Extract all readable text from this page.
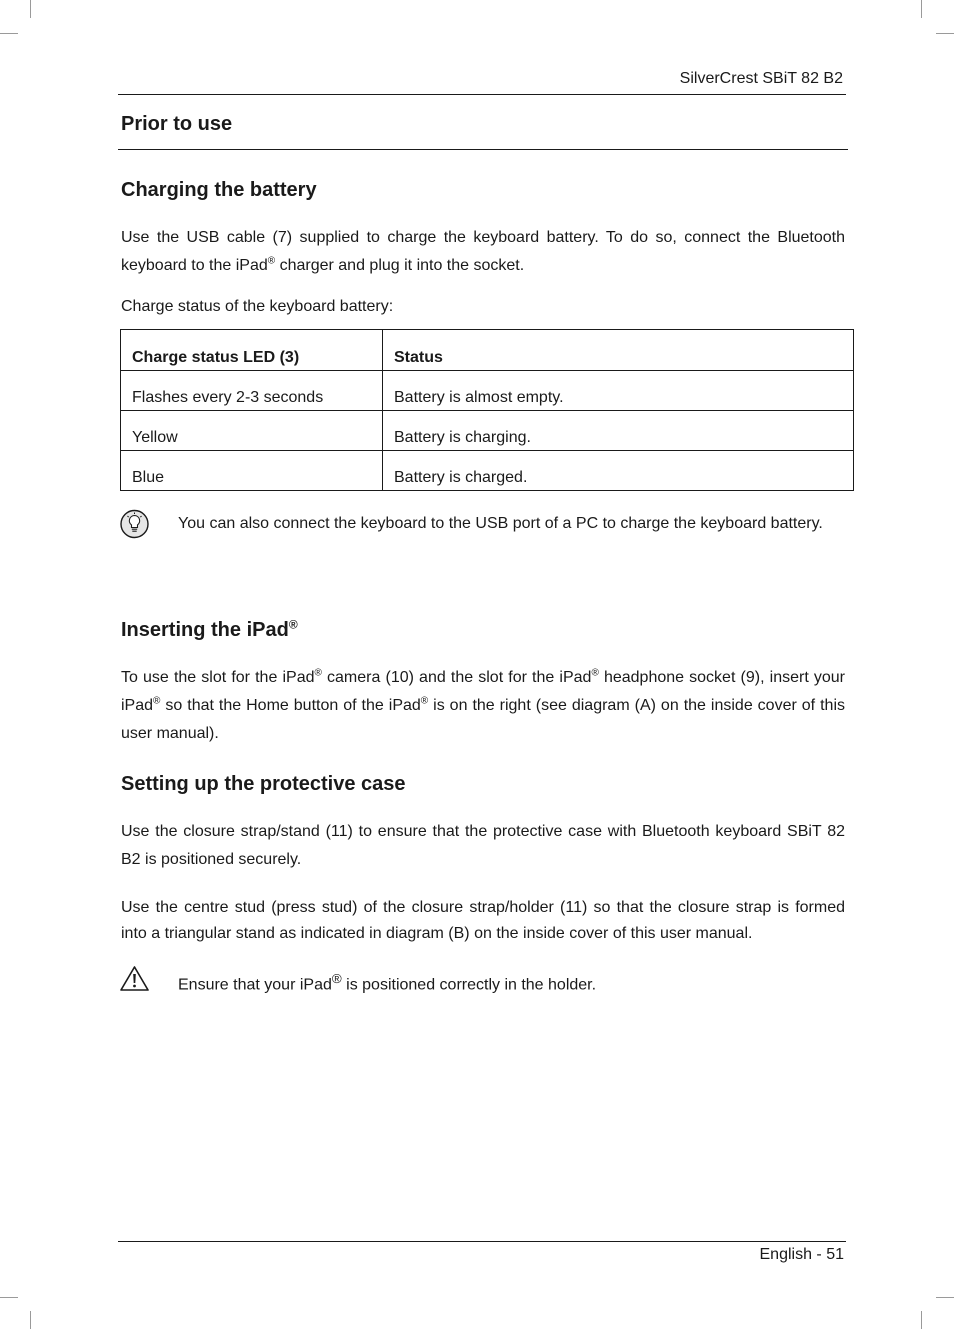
SilverCrest SBiT 82 B2
Prior to use
Charging the battery

Use the USB cable (7) supplied to charge the keyboard battery. To do so, connect the Bluetooth keyboard to the iPad® charger and plug it into the socket.

Charge status of the keyboard battery:

Charge status LED (3)	Status
Flashes every 2-3 seconds	Battery is almost empty.
Yellow	Battery is charging.
Blue	Battery is charged.

You can also connect the keyboard to the USB port of a PC to charge the keyboard battery.

Inserting the iPad®

To use the slot for the iPad® camera (10) and the slot for the iPad® headphone socket (9), insert your iPad® so that the Home button of the iPad® is on the right (see diagram (A) on the inside cover of this user manual).

Setting up the protective case

Use the closure strap/stand (11) to ensure that the protective case with Bluetooth keyboard SBiT 82 B2 is positioned securely.

Use the centre stud (press stud) of the closure strap/holder (11) so that the closure strap is formed into a triangular stand as indicated in diagram (B) on the inside cover of this user manual.

Ensure that your iPad® is positioned correctly in the holder.

English - 51
